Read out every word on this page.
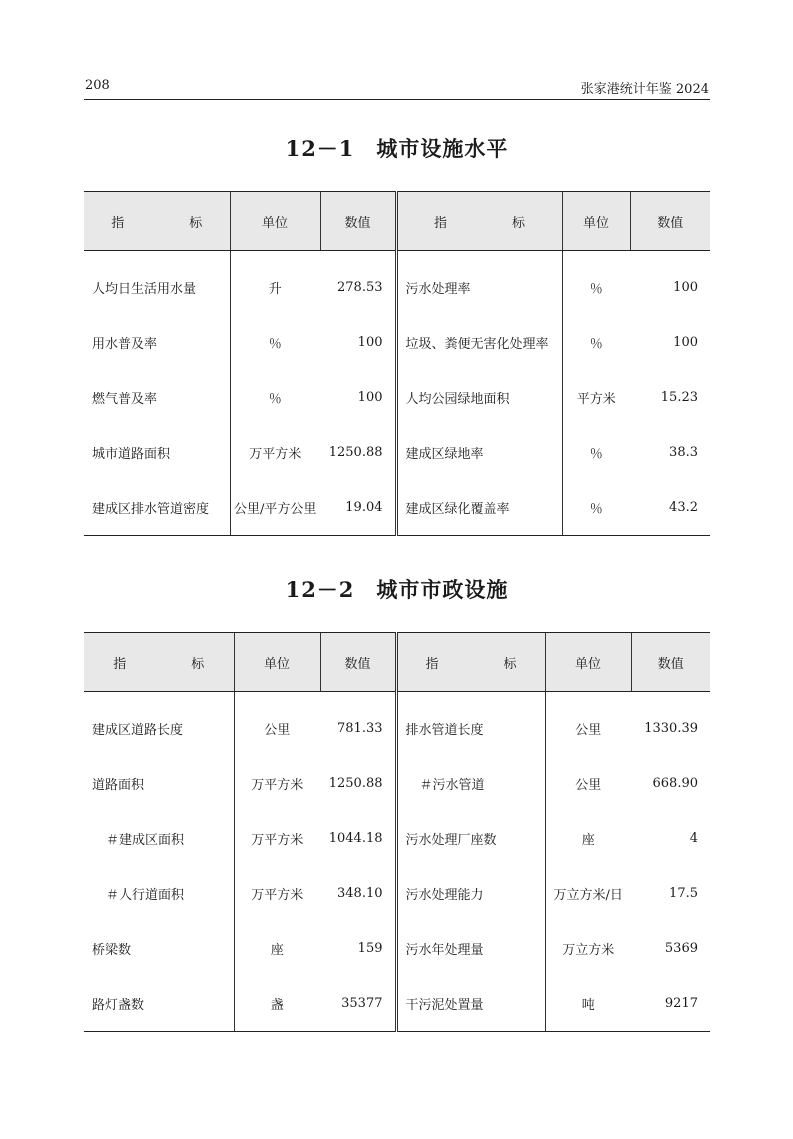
208	张家港统计年鉴 2024
12－1 城市设施水平
指　标	单位	数值	指　标	单位	数值
人均日生活用水量	升	278.53	污水处理率	％	100
用水普及率	％	100	垃圾、粪便无害化处理率	％	100
燃气普及率	％	100	人均公园绿地面积	平方米	15.23
城市道路面积	万平方米	1250.88	建成区绿地率	％	38.3
建成区排水管道密度	公里/平方公里	19.04	建成区绿化覆盖率	％	43.2
12－2 城市市政设施
指　标	单位	数值	指　标	单位	数值
建成区道路长度	公里	781.33	排水管道长度	公里	1330.39
道路面积	万平方米	1250.88	＃污水管道	公里	668.90
＃建成区面积	万平方米	1044.18	污水处理厂座数	座	4
＃人行道面积	万平方米	348.10	污水处理能力	万立方米/日	17.5
桥梁数	座	159	污水年处理量	万立方米	5369
路灯盏数	盏	35377	干污泥处置量	吨	9217
